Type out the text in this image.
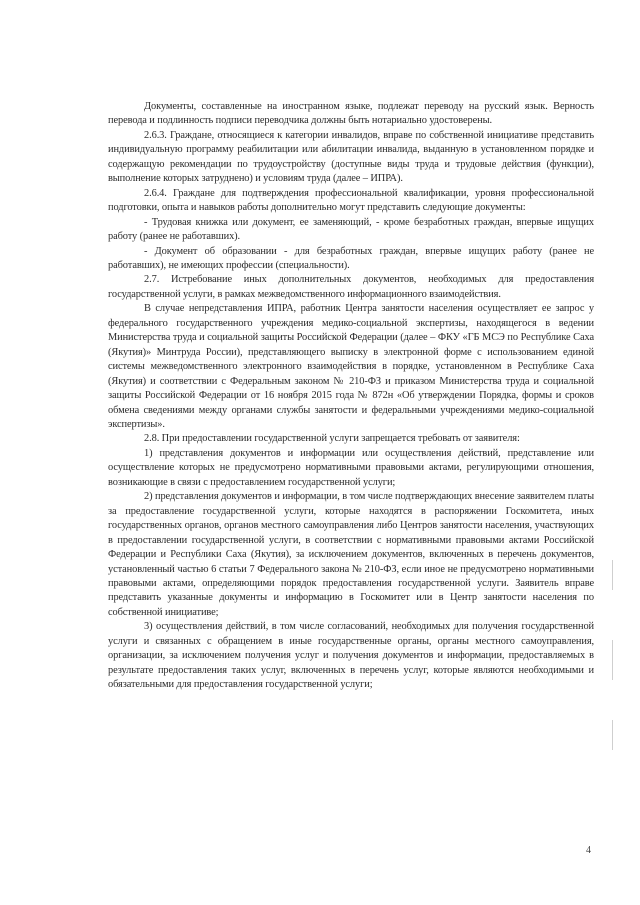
Документы, составленные на иностранном языке, подлежат переводу на русский язык. Верность перевода и подлинность подписи переводчика должны быть нотариально удостоверены.

2.6.3. Граждане, относящиеся к категории инвалидов, вправе по собственной инициативе представить индивидуальную программу реабилитации или абилитации инвалида, выданную в установленном порядке и содержащую рекомендации по трудоустройству (доступные виды труда и трудовые действия (функции), выполнение которых затруднено) и условиям труда (далее – ИПРА).

2.6.4. Граждане для подтверждения профессиональной квалификации, уровня профессиональной подготовки, опыта и навыков работы дополнительно могут представить следующие документы:

- Трудовая книжка или документ, ее заменяющий, - кроме безработных граждан, впервые ищущих работу (ранее не работавших).

- Документ об образовании - для безработных граждан, впервые ищущих работу (ранее не работавших), не имеющих профессии (специальности).

2.7. Истребование иных дополнительных документов, необходимых для предоставления государственной услуги, в рамках межведомственного информационного взаимодействия.

В случае непредставления ИПРА, работник Центра занятости населения осуществляет ее запрос у федерального государственного учреждения медико-социальной экспертизы, находящегося в ведении Министерства труда и социальной защиты Российской Федерации (далее – ФКУ «ГБ МСЭ по Республике Саха (Якутия)» Минтруда России), представляющего выписку в электронной форме с использованием единой системы межведомственного электронного взаимодействия в порядке, установленном в Республике Саха (Якутия) и соответствии с Федеральным законом № 210-ФЗ и приказом Министерства труда и социальной защиты Российской Федерации от 16 ноября 2015 года № 872н «Об утверждении Порядка, формы и сроков обмена сведениями между органами службы занятости и федеральными учреждениями медико-социальной экспертизы».

2.8. При предоставлении государственной услуги запрещается требовать от заявителя:

1) представления документов и информации или осуществления действий, представление или осуществление которых не предусмотрено нормативными правовыми актами, регулирующими отношения, возникающие в связи с предоставлением государственной услуги;

2) представления документов и информации, в том числе подтверждающих внесение заявителем платы за предоставление государственной услуги, которые находятся в распоряжении Госкомитета, иных государственных органов, органов местного самоуправления либо Центров занятости населения, участвующих в предоставлении государственной услуги, в соответствии с нормативными правовыми актами Российской Федерации и Республики Саха (Якутия), за исключением документов, включенных в перечень документов, установленный частью 6 статьи 7 Федерального закона № 210-ФЗ, если иное не предусмотрено нормативными правовыми актами, определяющими порядок предоставления государственной услуги. Заявитель вправе представить указанные документы и информацию в Госкомитет или в Центр занятости населения по собственной инициативе;

3) осуществления действий, в том числе согласований, необходимых для получения государственной услуги и связанных с обращением в иные государственные органы, органы местного самоуправления, организации, за исключением получения услуг и получения документов и информации, предоставляемых в результате предоставления таких услуг, включенных в перечень услуг, которые являются необходимыми и обязательными для предоставления государственной услуги;

4
